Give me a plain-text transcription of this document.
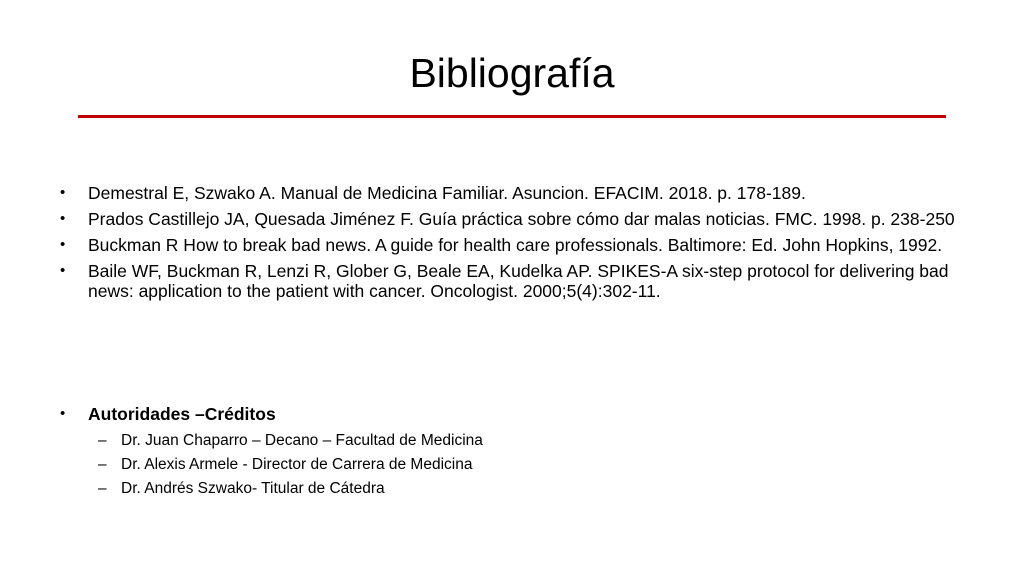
Bibliografía
• Demestral E, Szwako A. Manual de Medicina Familiar. Asuncion. EFACIM. 2018. p. 178-189.
• Prados Castillejo JA, Quesada Jiménez F. Guía práctica sobre cómo dar malas noticias. FMC. 1998. p. 238-250
• Buckman R How to break bad news. A guide for health care professionals. Baltimore: Ed. John Hopkins, 1992.
• Baile WF, Buckman R, Lenzi R, Glober G, Beale EA, Kudelka AP. SPIKES-A six-step protocol for delivering bad news: application to the patient with cancer. Oncologist. 2000;5(4):302-11.
• Autoridades –Créditos
– Dr. Juan Chaparro – Decano – Facultad de Medicina
– Dr. Alexis Armele - Director de Carrera de Medicina
– Dr. Andrés Szwako- Titular de Cátedra
